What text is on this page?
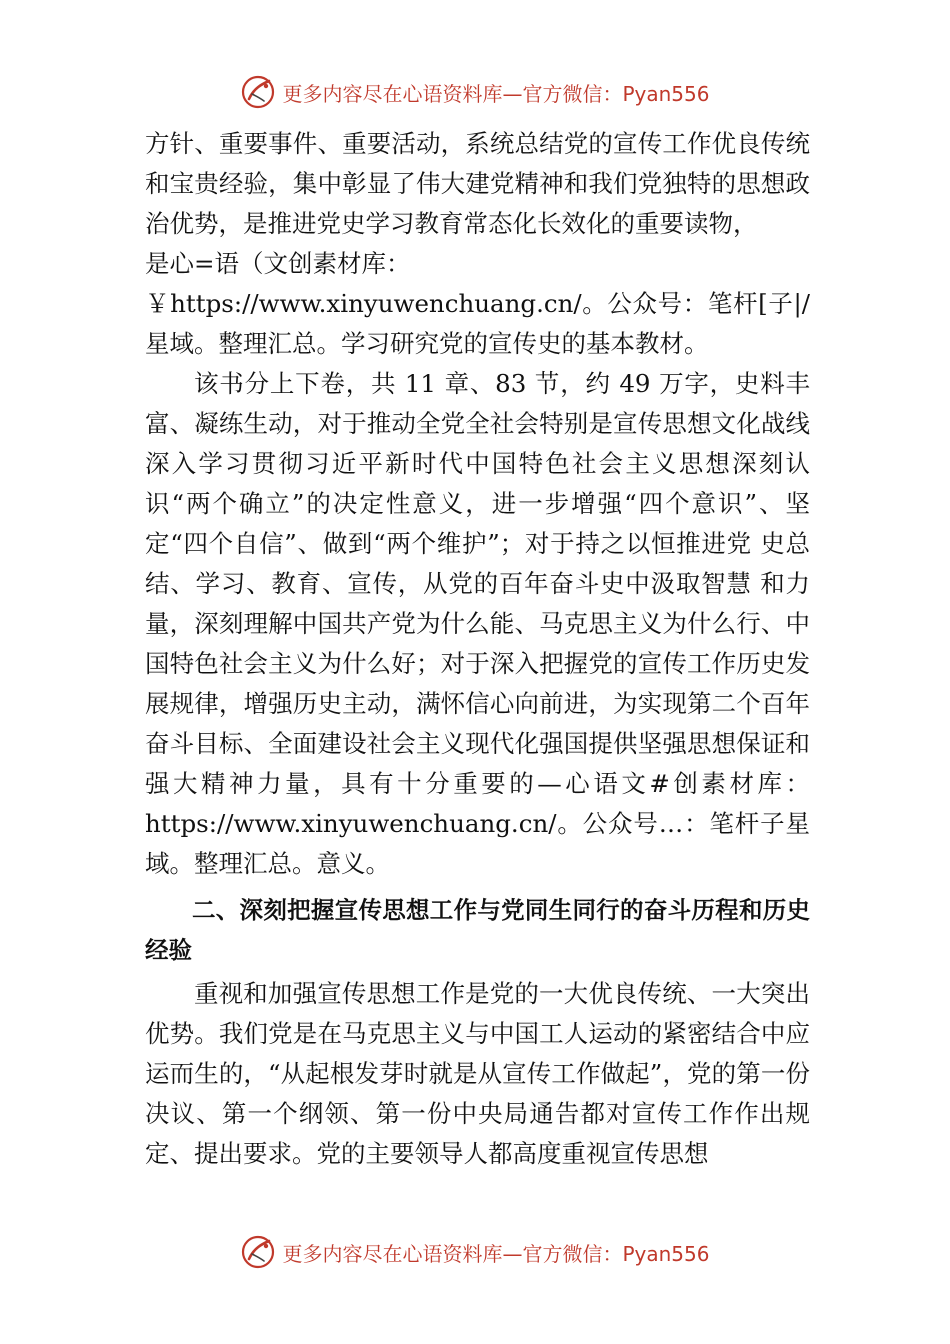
更多内容尽在心语资料库—官方微信：Pyan556

方针、重要事件、重要活动，系统总结党的宣传工作优良传统和宝贵经验，集中彰显了伟大建党精神和我们党独特的思想政治优势，是推进党史学习教育常态化长效化的重要读物，

是心=语（文创素材库：

￥https://www.xinyuwenchuang.cn/。公众号：笔杆[子|/星域。整理汇总。学习研究党的宣传史的基本教材。

该书分上下卷，共 11 章、83 节，约 49 万字，史料丰富、凝练生动，对于推动全党全社会特别是宣传思想文化战线深入学习贯彻习近平新时代中国特色社会主义思想深刻认识“两个确立”的决定性意义，进一步增强“四个意识”、坚 定“四个自信”、做到“两个维护”；对于持之以恒推进党 史总结、学习、教育、宣传，从党的百年奋斗史中汲取智慧 和力量，深刻理解中国共产党为什么能、马克思主义为什么行、中国特色社会主义为什么好；对于深入把握党的宣传工作历史发展规律，增强历史主动，满怀信心向前进，为实现第二个百年奋斗目标、全面建设社会主义现代化强国提供坚强思想保证和强大精神力量，具有十分重要的—心语文#创素材库：https://www.xinyuwenchuang.cn/。公众号…：笔杆子星域。整理汇总。意义。

二、深刻把握宣传思想工作与党同生同行的奋斗历程和历史经验

重视和加强宣传思想工作是党的一大优良传统、一大突出优势。我们党是在马克思主义与中国工人运动的紧密结合中应运而生的，“从起根发芽时就是从宣传工作做起”，党的第一份决议、第一个纲领、第一份中央局通告都对宣传工作作出规定、提出要求。党的主要领导人都高度重视宣传思想

更多内容尽在心语资料库—官方微信：Pyan556
